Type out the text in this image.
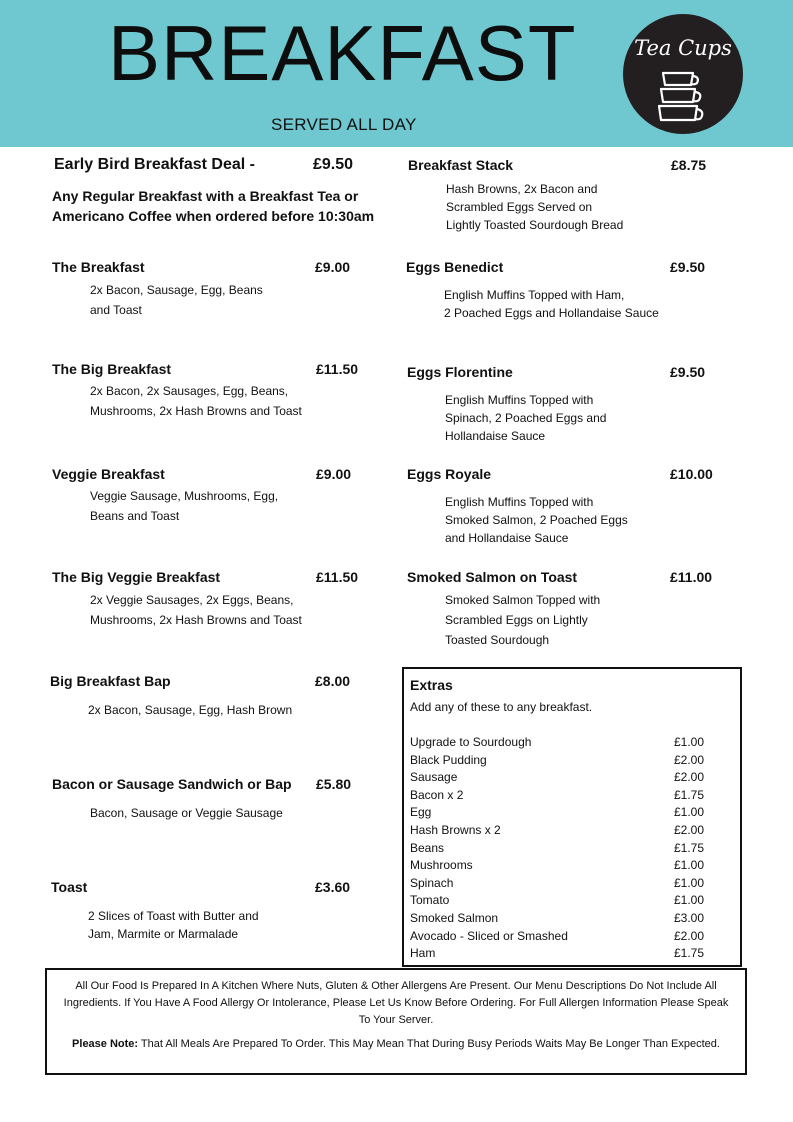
BREAKFAST
SERVED ALL DAY
Tea Cups
Early Bird Breakfast Deal -	£9.50
Any Regular Breakfast with a Breakfast Tea or
Americano Coffee when ordered before 10:30am
The Breakfast	£9.00
2x Bacon, Sausage, Egg, Beans
and Toast
The Big Breakfast	£11.50
2x Bacon, 2x Sausages, Egg, Beans,
Mushrooms, 2x Hash Browns and Toast
Veggie Breakfast	£9.00
Veggie Sausage, Mushrooms, Egg,
Beans and Toast
The Big Veggie Breakfast	£11.50
2x Veggie Sausages, 2x Eggs, Beans,
Mushrooms, 2x Hash Browns and Toast
Big Breakfast Bap	£8.00
2x Bacon, Sausage, Egg, Hash Brown
Bacon or Sausage Sandwich or Bap £5.80
Bacon, Sausage or Veggie Sausage
Toast	£3.60
2 Slices of Toast with Butter and
Jam, Marmite or Marmalade
Breakfast Stack	£8.75
Hash Browns, 2x Bacon and
Scrambled Eggs Served on
Lightly Toasted Sourdough Bread
Eggs Benedict	£9.50
English Muffins Topped with Ham,
2 Poached Eggs and Hollandaise Sauce
Eggs Florentine	£9.50
English Muffins Topped with
Spinach, 2 Poached Eggs and
Hollandaise Sauce
Eggs Royale	£10.00
English Muffins Topped with
Smoked Salmon, 2 Poached Eggs
and Hollandaise Sauce
Smoked Salmon on Toast	£11.00
Smoked Salmon Topped with
Scrambled Eggs on Lightly
Toasted Sourdough
Extras
Add any of these to any breakfast.
Upgrade to Sourdough	£1.00
Black Pudding	£2.00
Sausage	£2.00
Bacon x 2	£1.75
Egg	£1.00
Hash Browns x 2	£2.00
Beans	£1.75
Mushrooms	£1.00
Spinach	£1.00
Tomato	£1.00
Smoked Salmon	£3.00
Avocado - Sliced or Smashed	£2.00
Ham	£1.75

All Our Food Is Prepared In A Kitchen Where Nuts, Gluten & Other Allergens Are Present. Our Menu Descriptions Do Not Include All Ingredients. If You Have A Food Allergy Or Intolerance, Please Let Us Know Before Ordering. For Full Allergen Information Please Speak To Your Server.

Please Note: That All Meals Are Prepared To Order. This May Mean That During Busy Periods Waits May Be Longer Than Expected.
